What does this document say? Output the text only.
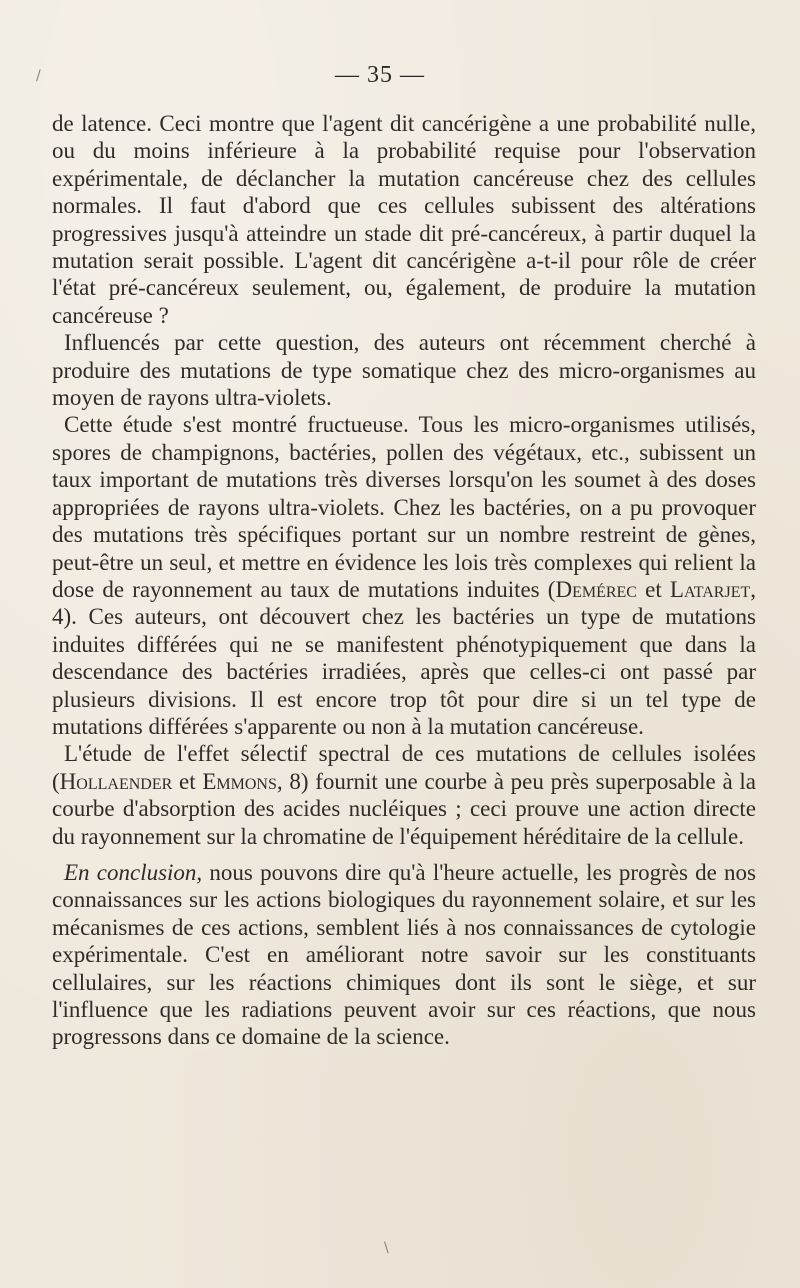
— 35 —

de latence. Ceci montre que l'agent dit cancérigène a une probabilité nulle, ou du moins inférieure à la probabilité requise pour l'observation expérimentale, de déclancher la mutation cancéreuse chez des cellules normales. Il faut d'abord que ces cellules subissent des altérations progressives jusqu'à atteindre un stade dit pré-cancéreux, à partir duquel la mutation serait possible. L'agent dit cancérigène a-t-il pour rôle de créer l'état pré-cancéreux seulement, ou, également, de produire la mutation cancéreuse ?

Influencés par cette question, des auteurs ont récemment cherché à produire des mutations de type somatique chez des micro-organismes au moyen de rayons ultra-violets.

Cette étude s'est montré fructueuse. Tous les micro-organismes utilisés, spores de champignons, bactéries, pollen des végétaux, etc., subissent un taux important de mutations très diverses lorsqu'on les soumet à des doses appropriées de rayons ultra-violets. Chez les bactéries, on a pu provoquer des mutations très spécifiques portant sur un nombre restreint de gènes, peut-être un seul, et mettre en évidence les lois très complexes qui relient la dose de rayonnement au taux de mutations induites (Demérec et Latarjet, 4). Ces auteurs, ont découvert chez les bactéries un type de mutations induites différées qui ne se manifestent phénotypiquement que dans la descendance des bactéries irradiées, après que celles-ci ont passé par plusieurs divisions. Il est encore trop tôt pour dire si un tel type de mutations différées s'apparente ou non à la mutation cancéreuse.

L'étude de l'effet sélectif spectral de ces mutations de cellules isolées (Hollaender et Emmons, 8) fournit une courbe à peu près superposable à la courbe d'absorption des acides nucléiques ; ceci prouve une action directe du rayonnement sur la chromatine de l'équipement héréditaire de la cellule.

En conclusion, nous pouvons dire qu'à l'heure actuelle, les progrès de nos connaissances sur les actions biologiques du rayonnement solaire, et sur les mécanismes de ces actions, semblent liés à nos connaissances de cytologie expérimentale. C'est en améliorant notre savoir sur les constituants cellulaires, sur les réactions chimiques dont ils sont le siège, et sur l'influence que les radiations peuvent avoir sur ces réactions, que nous progressons dans ce domaine de la science.

/
\
